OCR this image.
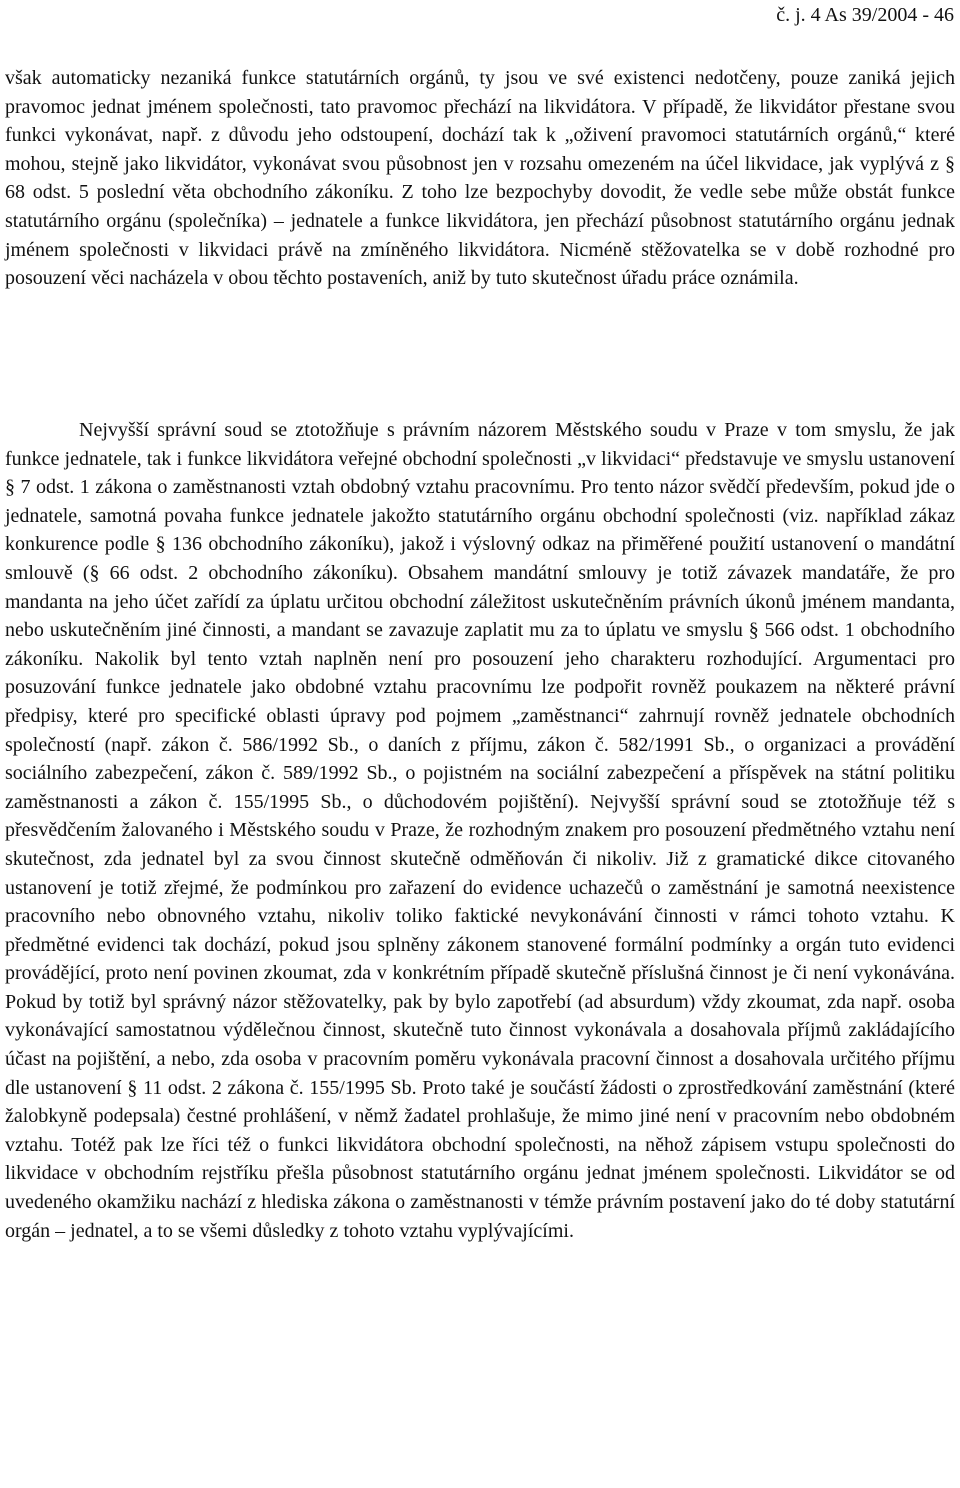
č. j. 4 As 39/2004 - 46

však automaticky nezaniká funkce statutárních orgánů, ty jsou ve své existenci nedotčeny, pouze zaniká jejich pravomoc jednat jménem společnosti, tato pravomoc přechází na likvidátora. V případě, že likvidátor přestane svou funkci vykonávat, např. z důvodu jeho odstoupení, dochází tak k „oživení pravomoci statutárních orgánů,“ které mohou, stejně jako likvidátor, vykonávat svou působnost jen v rozsahu omezeném na účel likvidace, jak vyplývá z § 68 odst. 5 poslední věta obchodního zákoníku. Z toho lze bezpochyby dovodit, že vedle sebe může obstát funkce statutárního orgánu (společníka) – jednatele a funkce likvidátora, jen přechází působnost statutárního orgánu jednak jménem společnosti v likvidaci právě na zmíněného likvidátora. Nicméně stěžovatelka se v době rozhodné pro posouzení věci nacházela v obou těchto postaveních, aniž by tuto skutečnost úřadu práce oznámila.

Nejvyšší správní soud se ztotožňuje s právním názorem Městského soudu v Praze v tom smyslu, že jak funkce jednatele, tak i funkce likvidátora veřejné obchodní společnosti „v likvidaci“ představuje ve smyslu ustanovení § 7 odst. 1 zákona o zaměstnanosti vztah obdobný vztahu pracovnímu. Pro tento názor svědčí především, pokud jde o jednatele, samotná povaha funkce jednatele jakožto statutárního orgánu obchodní společnosti (viz. například zákaz konkurence podle § 136 obchodního zákoníku), jakož i výslovný odkaz na přiměřené použití ustanovení o mandátní smlouvě (§ 66 odst. 2 obchodního zákoníku). Obsahem mandátní smlouvy je totiž závazek mandatáře, že pro mandanta na jeho účet zařídí za úplatu určitou obchodní záležitost uskutečněním právních úkonů jménem mandanta, nebo uskutečněním jiné činnosti, a mandant se zavazuje zaplatit mu za to úplatu ve smyslu § 566 odst. 1 obchodního zákoníku. Nakolik byl tento vztah naplněn není pro posouzení jeho charakteru rozhodující. Argumentaci pro posuzování funkce jednatele jako obdobné vztahu pracovnímu lze podpořit rovněž poukazem na některé právní předpisy, které pro specifické oblasti úpravy pod pojmem „zaměstnanci“ zahrnují rovněž jednatele obchodních společností (např. zákon č. 586/1992 Sb., o daních z příjmu, zákon č. 582/1991 Sb., o organizaci a provádění sociálního zabezpečení, zákon č. 589/1992 Sb., o pojistném na sociální zabezpečení a příspěvek na státní politiku zaměstnanosti a zákon č. 155/1995 Sb., o důchodovém pojištění). Nejvyšší správní soud se ztotožňuje též s přesvědčením žalovaného i Městského soudu v Praze, že rozhodným znakem pro posouzení předmětného vztahu není skutečnost, zda jednatel byl za svou činnost skutečně odměňován či nikoliv. Již z gramatické dikce citovaného ustanovení je totiž zřejmé, že podmínkou pro zařazení do evidence uchazečů o zaměstnání je samotná neexistence pracovního nebo obnovného vztahu, nikoliv toliko faktické nevykonávání činnosti v rámci tohoto vztahu. K předmětné evidenci tak dochází, pokud jsou splněny zákonem stanovené formální podmínky a orgán tuto evidenci provádějící, proto není povinen zkoumat, zda v konkrétním případě skutečně příslušná činnost je či není vykonávána. Pokud by totiž byl správný názor stěžovatelky, pak by bylo zapotřebí (ad absurdum) vždy zkoumat, zda např. osoba vykonávající samostatnou výdělečnou činnost, skutečně tuto činnost vykonávala a dosahovala příjmů zakládajícího účast na pojištění, a nebo, zda osoba v pracovním poměru vykonávala pracovní činnost a dosahovala určitého příjmu dle ustanovení § 11 odst. 2 zákona č. 155/1995 Sb. Proto také je součástí žádosti o zprostředkování zaměstnání (které žalobkyně podepsala) čestné prohlášení, v němž žadatel prohlašuje, že mimo jiné není v pracovním nebo obdobném vztahu. Totéž pak lze říci též o funkci likvidátora obchodní společnosti, na něhož zápisem vstupu společnosti do likvidace v obchodním rejstříku přešla působnost statutárního orgánu jednat jménem společnosti. Likvidátor se od uvedeného okamžiku nachází z hlediska zákona o zaměstnanosti v témže právním postavení jako do té doby statutární orgán – jednatel, a to se všemi důsledky z tohoto vztahu vyplývajícími.
